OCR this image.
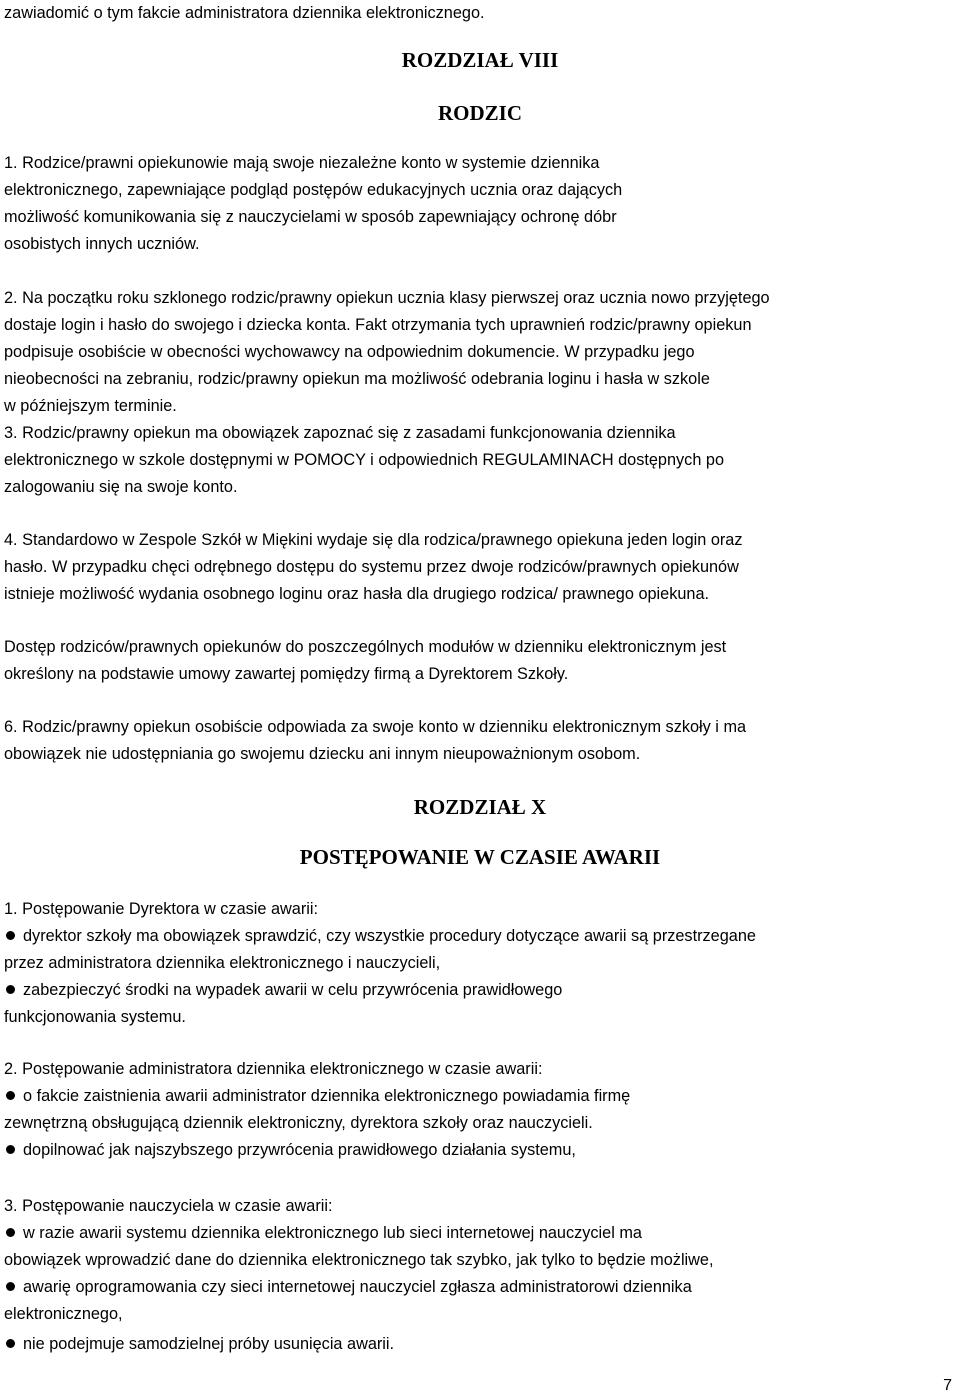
zawiadomić o tym fakcie administratora dziennika elektronicznego.
ROZDZIAŁ VIII
RODZIC
1. Rodzice/prawni opiekunowie mają swoje niezależne konto w systemie dziennika
elektronicznego, zapewniające podgląd postępów edukacyjnych ucznia oraz dających
możliwość komunikowania się z nauczycielami w sposób zapewniający ochronę dóbr
osobistych innych uczniów.
2. Na początku roku szklonego rodzic/prawny opiekun ucznia klasy pierwszej oraz ucznia nowo przyjętego
dostaje login i hasło do swojego i dziecka konta. Fakt otrzymania tych uprawnień rodzic/prawny opiekun
podpisuje osobiście w obecności wychowawcy na odpowiednim dokumencie. W przypadku jego
nieobecności na zebraniu, rodzic/prawny opiekun ma możliwość odebrania loginu i hasła w szkole
w późniejszym terminie.
3. Rodzic/prawny opiekun ma obowiązek zapoznać się z zasadami funkcjonowania dziennika
elektronicznego w szkole dostępnymi w POMOCY i odpowiednich REGULAMINACH dostępnych po
zalogowaniu się na swoje konto.
4. Standardowo w Zespole Szkół w Miękini wydaje się dla rodzica/prawnego opiekuna jeden login oraz
hasło. W przypadku chęci odrębnego dostępu do systemu przez dwoje rodziców/prawnych opiekunów
istnieje możliwość wydania osobnego loginu oraz hasła dla drugiego rodzica/ prawnego opiekuna.
Dostęp rodziców/prawnych opiekunów do poszczególnych modułów w dzienniku elektronicznym jest
określony na podstawie umowy zawartej pomiędzy firmą a Dyrektorem Szkoły.
6. Rodzic/prawny opiekun osobiście odpowiada za swoje konto w dzienniku elektronicznym szkoły i ma
obowiązek nie udostępniania go swojemu dziecku ani innym nieupoważnionym osobom.
ROZDZIAŁ X
POSTĘPOWANIE W CZASIE AWARII
1. Postępowanie Dyrektora w czasie awarii:
dyrektor szkoły ma obowiązek sprawdzić, czy wszystkie procedury dotyczące awarii są przestrzegane
przez administratora dziennika elektronicznego i nauczycieli,
zabezpieczyć środki na wypadek awarii w celu przywrócenia prawidłowego
funkcjonowania systemu.
2. Postępowanie administratora dziennika elektronicznego w czasie awarii:
o fakcie zaistnienia awarii administrator dziennika elektronicznego powiadamia firmę
zewnętrzną obsługującą dziennik elektroniczny, dyrektora szkoły oraz nauczycieli.
dopilnować jak najszybszego przywrócenia prawidłowego działania systemu,
3. Postępowanie nauczyciela w czasie awarii:
w razie awarii systemu dziennika elektronicznego lub sieci internetowej nauczyciel ma
obowiązek wprowadzić dane do dziennika elektronicznego tak szybko, jak tylko to będzie możliwe,
awarię oprogramowania czy sieci internetowej nauczyciel zgłasza administratorowi dziennika
elektronicznego,
nie podejmuje samodzielnej próby usunięcia awarii.
7
